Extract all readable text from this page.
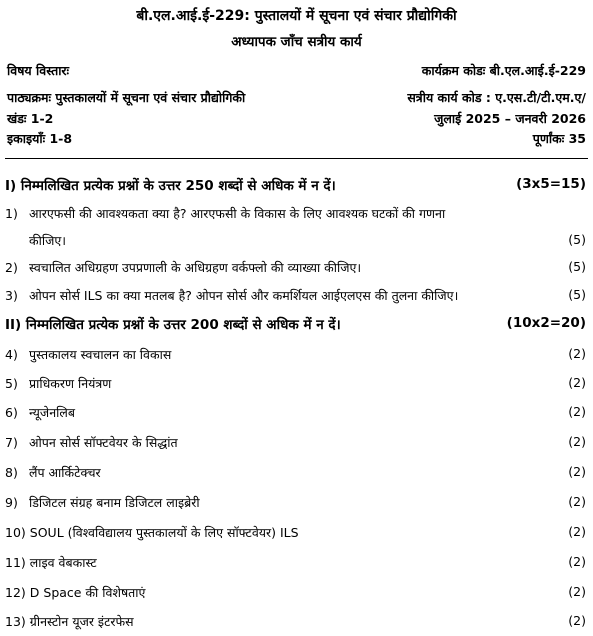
बी.एल.आई.ई-229: पुस्तालयों में सूचना एवं संचार प्रौद्योगिकी
अध्यापक जाँच सत्रीय कार्य
विषय विस्तारः	कार्यक्रम कोडः बी.एल.आई.ई-229
पाठ्यक्रमः पुस्तकालयों में सूचना एवं संचार प्रौद्योगिकी	सत्रीय कार्य कोड : ए.एस.टी/टी.एम.ए/
खंडः 1-2	जुलाई 2025 – जनवरी 2026
इकाइयाँः 1-8	पूर्णांकः 35
I) निम्मलिखित प्रत्येक प्रश्नों के उत्तर 250 शब्दों से अधिक में न दें।	(3x5=15)
1) आरएफसी की आवश्यकता क्या है? आरएफसी के विकास के लिए आवश्यक घटकों की गणना
कीजिए।	(5)
2) स्वचालित अधिग्रहण उपप्रणाली के अधिग्रहण वर्कफ्लो की व्याख्या कीजिए।	(5)
3) ओपन सोर्स ILS का क्या मतलब है? ओपन सोर्स और कमर्शियल आईएलएस की तुलना कीजिए।	(5)
II) निम्मलिखित प्रत्येक प्रश्नों के उत्तर 200 शब्दों से अधिक में न दें।	(10x2=20)
4) पुस्तकालय स्वचालन का विकास	(2)
5) प्राधिकरण नियंत्रण	(2)
6) न्यूजेनलिब	(2)
7) ओपन सोर्स सॉफ्टवेयर के सिद्धांत	(2)
8) लैंप आर्किटेक्चर	(2)
9) डिजिटल संग्रह बनाम डिजिटल लाइब्रेरी	(2)
10) SOUL (विश्वविद्यालय पुस्तकालयों के लिए सॉफ्टवेयर) ILS	(2)
11) लाइव वेबकास्ट	(2)
12) D Space की विशेषताएं	(2)
13) ग्रीनस्टोन यूजर इंटरफेस	(2)
